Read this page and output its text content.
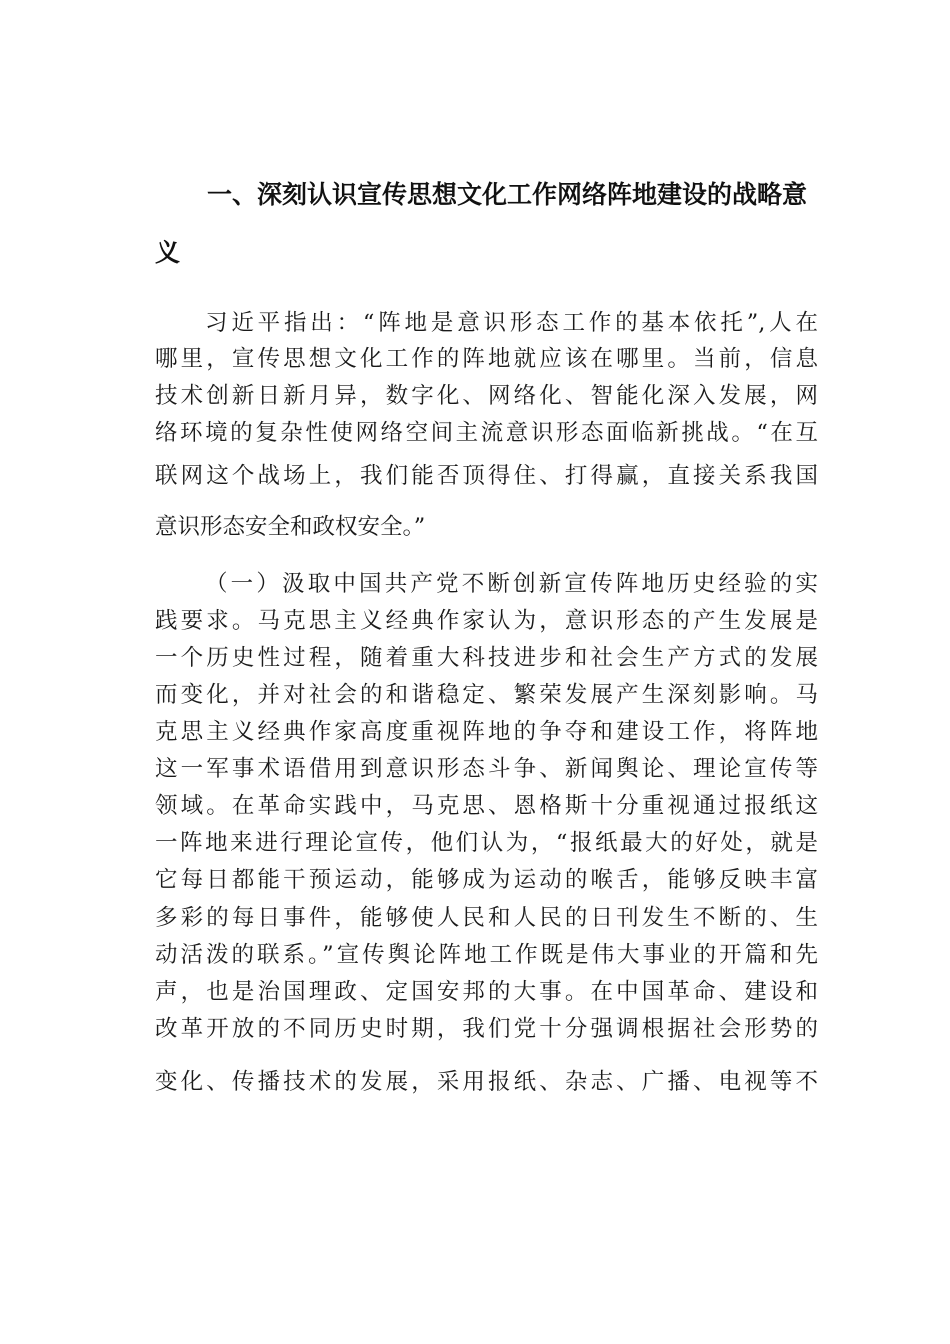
一、深刻认识宣传思想文化工作网络阵地建设的战略意
义
习近平指出：“阵地是意识形态工作的基本依托”,人在
哪里，宣传思想文化工作的阵地就应该在哪里。当前，信息
技术创新日新月异，数字化、网络化、智能化深入发展，网
络环境的复杂性使网络空间主流意识形态面临新挑战。“在互
联网这个战场上，我们能否顶得住、打得赢，直接关系我国
意识形态安全和政权安全。”
（一）汲取中国共产党不断创新宣传阵地历史经验的实
践要求。马克思主义经典作家认为，意识形态的产生发展是
一个历史性过程，随着重大科技进步和社会生产方式的发展
而变化，并对社会的和谐稳定、繁荣发展产生深刻影响。马
克思主义经典作家高度重视阵地的争夺和建设工作，将阵地
这一军事术语借用到意识形态斗争、新闻舆论、理论宣传等
领域。在革命实践中，马克思、恩格斯十分重视通过报纸这
一阵地来进行理论宣传，他们认为，“报纸最大的好处，就是
它每日都能干预运动，能够成为运动的喉舌，能够反映丰富
多彩的每日事件，能够使人民和人民的日刊发生不断的、生
动活泼的联系。”宣传舆论阵地工作既是伟大事业的开篇和先
声，也是治国理政、定国安邦的大事。在中国革命、建设和
改革开放的不同历史时期，我们党十分强调根据社会形势的
变化、传播技术的发展，采用报纸、杂志、广播、电视等不
